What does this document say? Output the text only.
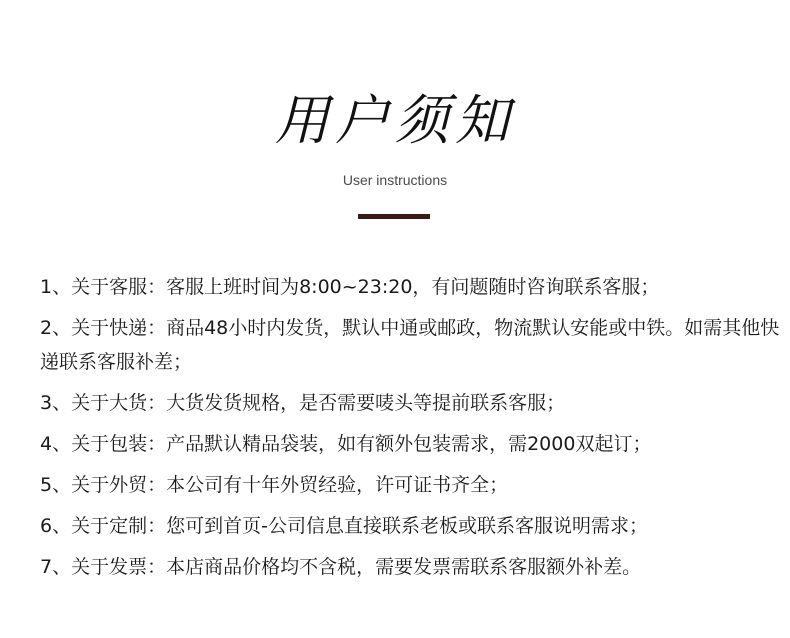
用户须知
User instructions
1、关于客服：客服上班时间为8:00~23:20，有问题随时咨询联系客服；
2、关于快递：商品48小时内发货，默认中通或邮政，物流默认安能或中铁。如需其他快递联系客服补差；
3、关于大货：大货发货规格，是否需要唛头等提前联系客服；
4、关于包装：产品默认精品袋装，如有额外包装需求，需2000双起订；
5、关于外贸：本公司有十年外贸经验，许可证书齐全；
6、关于定制：您可到首页-公司信息直接联系老板或联系客服说明需求；
7、关于发票：本店商品价格均不含税，需要发票需联系客服额外补差。
